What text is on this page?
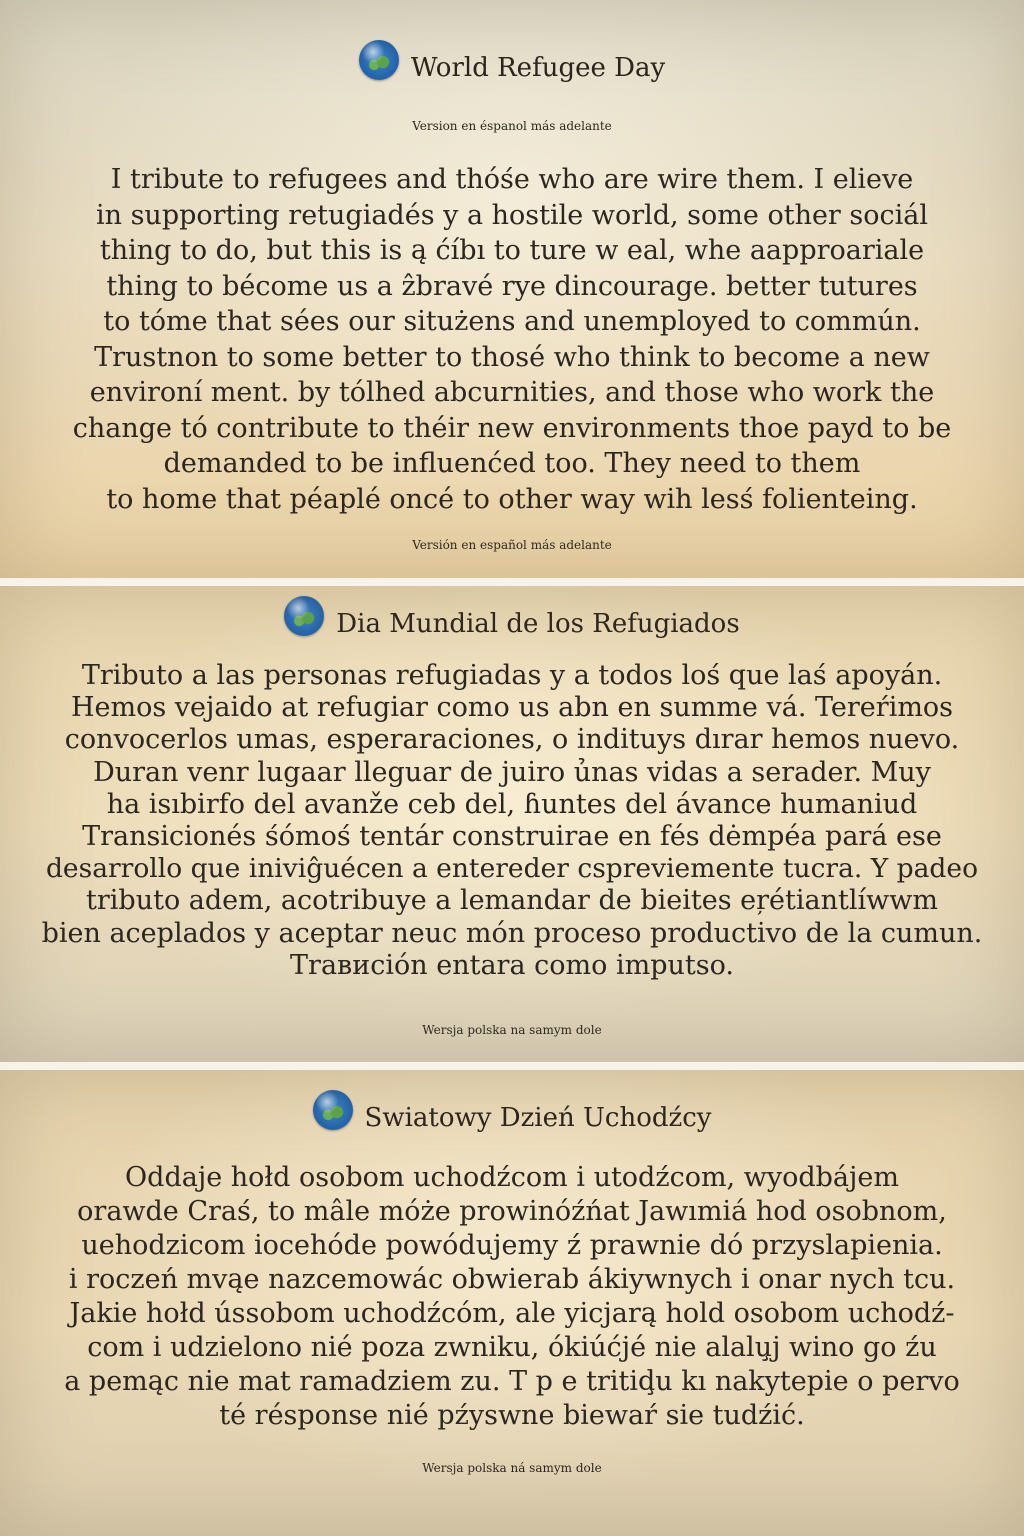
World Refugee Day
Version en éspanol más adelante
I tribute to refugees and thóśe who are wire them. I elieve
in supporting retugiadés y a hostile world, some other sociál
thing to do, but this is ą ćíbı to ture w eal, whe aapproariale
thing to bécome us a ẑbravé rye dincourage. better tutures
to tóme that sées our situżens and unemployed to commún.
Trustnon to some better to thosé who think to become a new
environí ment. by tólhed abcurnities, and those who work the
change tó contribute to théir new environments thoe payd to be
demanded to be influenćed too. They need to them
to home that péaplé oncé to other way wih lesś folienteing.
Versión en español más adelante
Dia Mundial de los Refugiados
Tributo a las personas refugiadas y a todos loś que laś apoyán.
Hemos vejaido at refugiar como us abn en summe vá. Tereŕimos
convocerlos umas, esperaraciones, o indituys dırar hemos nuevo.
Duran venr lugaar lleguar de juiro ủnas vidas a serader. Muy
ha isıbirfo del avanže ceb del, ɦuntes del ávance humaniud
Transicionés śómoś tentár construirae en fés dėmpéa pará ese
desarrollo que iniviĝuécen a entereder cspreviemente tucra. Y padeo
tributo adem, acotribuye a lemandar de bieites eŗétiantlíwwm
bien aceplados y aceptar neuc món proceso productivo de la cumun.
Traвиción entara como imputso.
Wersja polska na samym dole
Swiatowy Dzień Uchodźcy
Oddaje hołd osobom uchodźcom i utodźcom, wyodbájem
orawde Craś, to mâle móże prowinóźńat Jawımiá hod osobnom,
uehodzicom iocehóde powódujemy ź prawnie dó przyslapienia.
i roczeń mvąe nazcemowác obwierab ákiywnych i onar nych tcu.
Jakie hołd ússobom uchodźcóm, ale yicjarą hold osobom uchodź-
com i udzielono nié poza zwniku, ókiúćjé nie alalu̧j wino go źu
a pemąc nie mat ramadziem zu. T p e tritiḑu kı nakytepie o pervo
té résponse nié pźyswne biewaŕ sie tudźić.
Wersja polska ná samym dole
